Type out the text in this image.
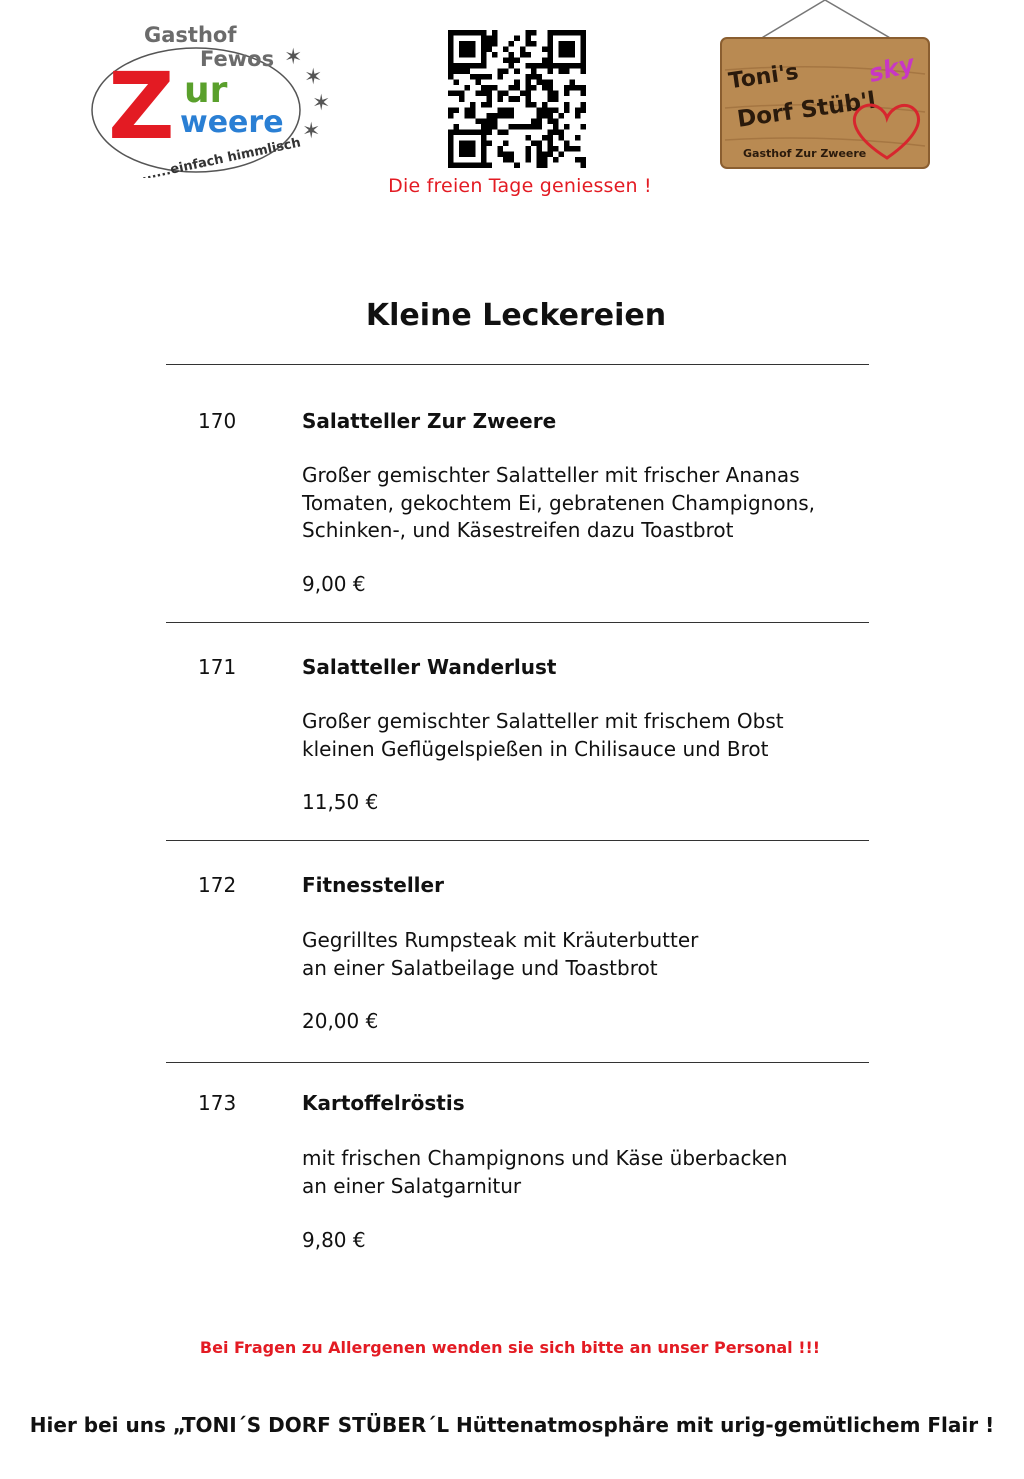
Gasthof
Fewos
Z ur
weere
......einfach himmlisch
✶
✶
✶
✶
Toni's
Dorf Stüb'l
sky
Gasthof Zur Zweere
Die freien Tage geniessen !
Kleine Leckereien
170	Salatteller Zur Zweere
Großer gemischter Salatteller mit frischer Ananas
Tomaten, gekochtem Ei, gebratenen Champignons,
Schinken-, und Käsestreifen dazu Toastbrot
9,00 €
171	Salatteller Wanderlust
Großer gemischter Salatteller mit frischem Obst
kleinen Geflügelspießen in Chilisauce und Brot
11,50 €
172	Fitnessteller
Gegrilltes Rumpsteak mit Kräuterbutter
an einer Salatbeilage und Toastbrot
20,00 €
173	Kartoffelröstis
mit frischen Champignons und Käse überbacken
an einer Salatgarnitur
9,80 €
Bei Fragen zu Allergenen wenden sie sich bitte an unser Personal !!!
Hier bei uns „TONI´S DORF STÜBER´L Hüttenatmosphäre mit urig-gemütlichem Flair !
